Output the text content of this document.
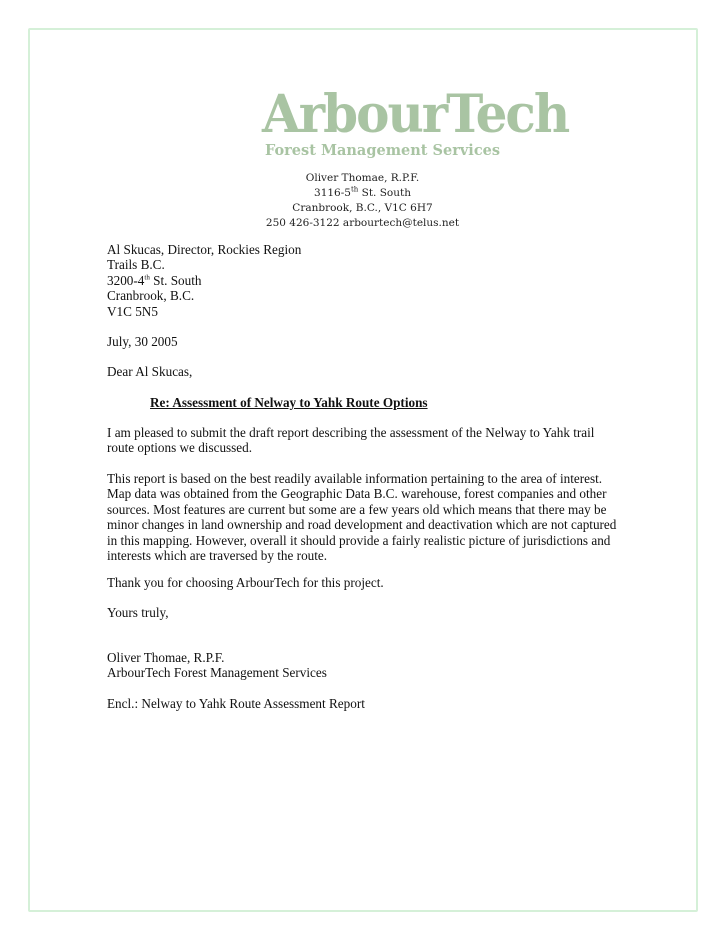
ArbourTech
Forest Management Services
Oliver Thomae, R.P.F.
3116-5th St. South
Cranbrook, B.C., V1C 6H7
250 426-3122 arbourtech@telus.net
Al Skucas, Director, Rockies Region
Trails B.C.
3200-4th St. South
Cranbrook, B.C.
V1C 5N5
July, 30 2005
Dear Al Skucas,
Re: Assessment of Nelway to Yahk Route Options
I am pleased to submit the draft report describing the assessment of the Nelway to Yahk trail
route options we discussed.
This report is based on the best readily available information pertaining to the area of interest.
Map data was obtained from the Geographic Data B.C. warehouse, forest companies and other
sources. Most features are current but some are a few years old which means that there may be
minor changes in land ownership and road development and deactivation which are not captured
in this mapping. However, overall it should provide a fairly realistic picture of jurisdictions and
interests which are traversed by the route.
Thank you for choosing ArbourTech for this project.
Yours truly,
Oliver Thomae, R.P.F.
ArbourTech Forest Management Services
Encl.: Nelway to Yahk Route Assessment Report
